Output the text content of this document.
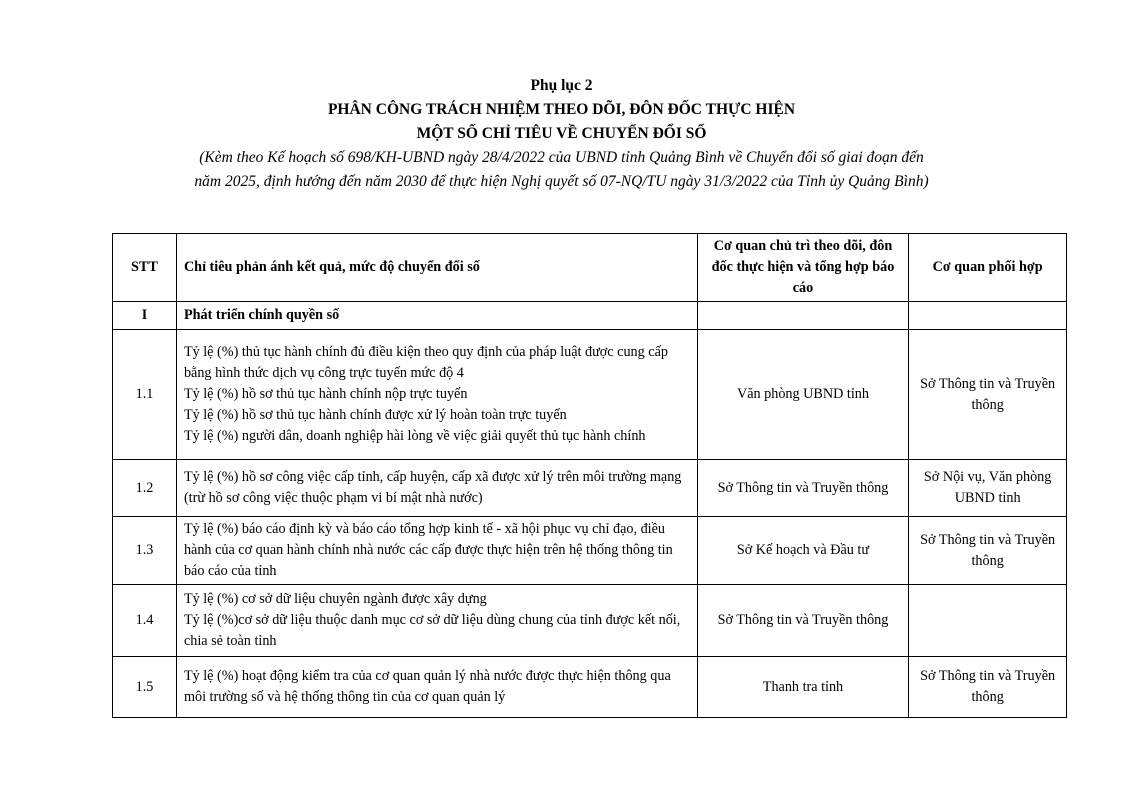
Phụ lục 2
PHÂN CÔNG TRÁCH NHIỆM THEO DÕI, ĐÔN ĐỐC THỰC HIỆN
MỘT SỐ CHỈ TIÊU VỀ CHUYỂN ĐỔI SỐ
(Kèm theo Kế hoạch số 698/KH-UBND ngày 28/4/2022 của UBND tỉnh Quảng Bình về Chuyển đổi số giai đoạn đến
năm 2025, định hướng đến năm 2030 để thực hiện Nghị quyết số 07-NQ/TU ngày 31/3/2022 của Tỉnh ủy Quảng Bình)
STT	Chỉ tiêu phản ánh kết quả, mức độ chuyển đổi số	Cơ quan chủ trì theo dõi, đôn đốc thực hiện và tổng hợp báo cáo	Cơ quan phối hợp
I	Phát triển chính quyền số		
1.1	Tỷ lệ (%) thủ tục hành chính đủ điều kiện theo quy định của pháp luật được cung cấp bằng hình thức dịch vụ công trực tuyến mức độ 4
Tỷ lệ (%) hồ sơ thủ tục hành chính nộp trực tuyến
Tỷ lệ (%) hồ sơ thủ tục hành chính được xử lý hoàn toàn trực tuyến
Tỷ lệ (%) người dân, doanh nghiệp hài lòng về việc giải quyết thủ tục hành chính	Văn phòng UBND tỉnh	Sở Thông tin và Truyền thông
1.2	Tỷ lệ (%) hồ sơ công việc cấp tỉnh, cấp huyện, cấp xã được xử lý trên môi trường mạng (trừ hồ sơ công việc thuộc phạm vi bí mật nhà nước)	Sở Thông tin và Truyền thông	Sở Nội vụ, Văn phòng UBND tỉnh
1.3	Tỷ lệ (%) báo cáo định kỳ và báo cáo tổng hợp kinh tế - xã hội phục vụ chỉ đạo, điều hành của cơ quan hành chính nhà nước các cấp được thực hiện trên hệ thống thông tin báo cáo của tỉnh	Sở Kế hoạch và Đầu tư	Sở Thông tin và Truyền thông
1.4	Tỷ lệ (%) cơ sở dữ liệu chuyên ngành được xây dựng
Tỷ lệ (%)cơ sở dữ liệu thuộc danh mục cơ sở dữ liệu dùng chung của tỉnh được kết nối, chia sẻ toàn tỉnh	Sở Thông tin và Truyền thông	
1.5	Tỷ lệ (%) hoạt động kiểm tra của cơ quan quản lý nhà nước được thực hiện thông qua môi trường số và hệ thống thông tin của cơ quan quản lý	Thanh tra tỉnh	Sở Thông tin và Truyền thông
